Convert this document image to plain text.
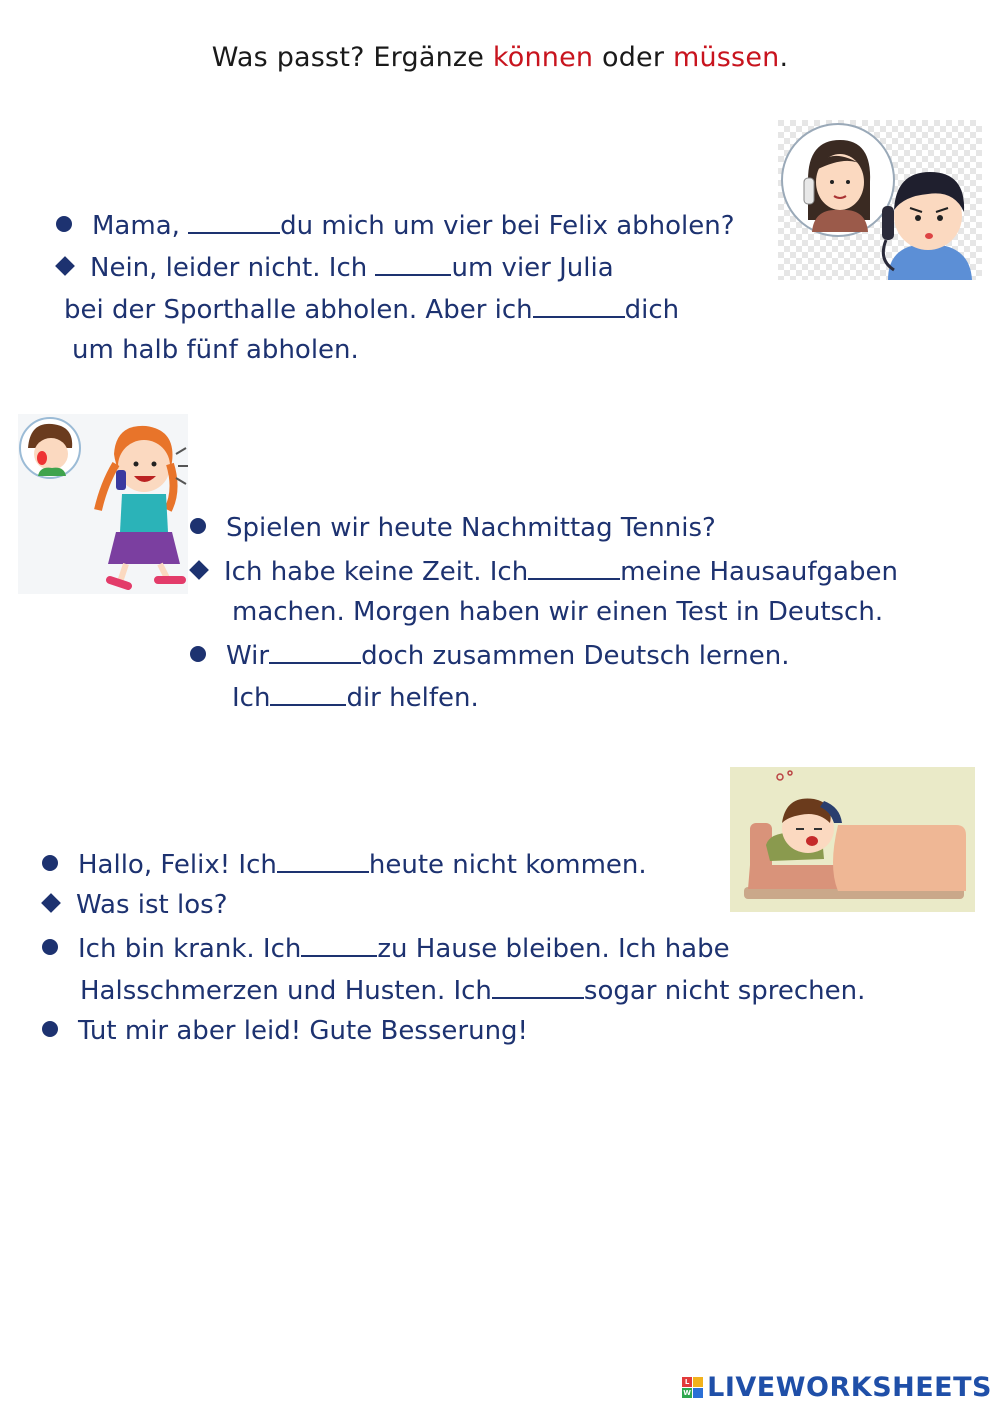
Was passt? Ergänze können oder müssen.
Mama,	du mich um vier bei Felix abholen?
Nein, leider nicht. Ich	um vier Julia
bei der Sporthalle abholen. Aber ich	dich
um halb fünf abholen.
Spielen wir heute Nachmittag Tennis?
Ich habe keine Zeit. Ich	meine Hausaufgaben
machen. Morgen haben wir einen Test in Deutsch.
Wir	doch zusammen Deutsch lernen.
Ich	dir helfen.
Hallo, Felix! Ich	heute nicht kommen.
Was ist los?
Ich bin krank. Ich	zu Hause bleiben. Ich habe
Halsschmerzen und Husten. Ich	sogar nicht sprechen.
Tut mir aber leid! Gute Besserung!
L
W LIVEWORKSHEETS
